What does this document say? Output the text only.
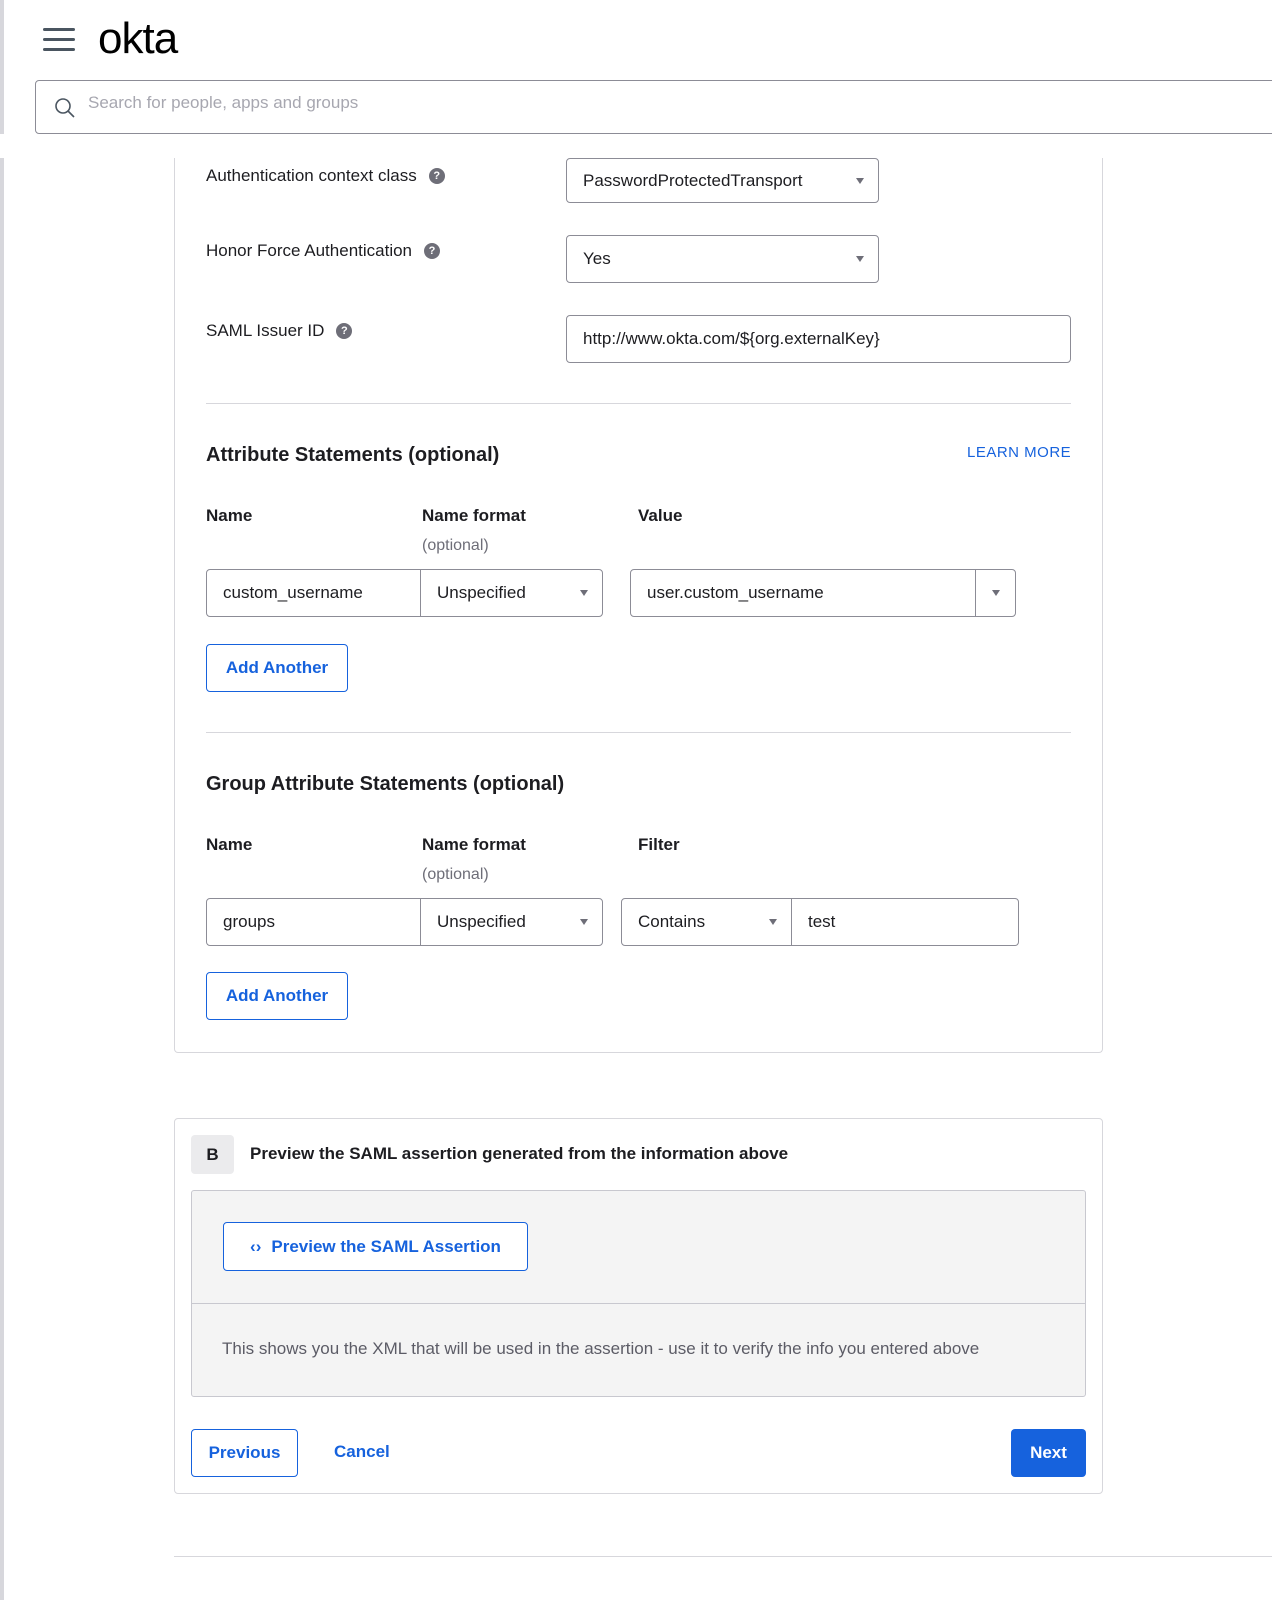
okta
Search for people, apps and groups
Authentication context class ?	PasswordProtectedTransport
Honor Force Authentication ?	Yes
SAML Issuer ID ?	http://www.okta.com/${org.externalKey}
Attribute Statements (optional)	LEARN MORE
Name	Name format
(optional)
Value
custom_username	Unspecified	user.custom_username
Add Another
Group Attribute Statements (optional)
Name	Name format
(optional)
Filter
groups	Unspecified	Contains	test
Add Another
B	Preview the SAML assertion generated from the information above
‹› Preview the SAML Assertion
This shows you the XML that will be used in the assertion - use it to verify the info you entered above
Previous	Cancel	Next
